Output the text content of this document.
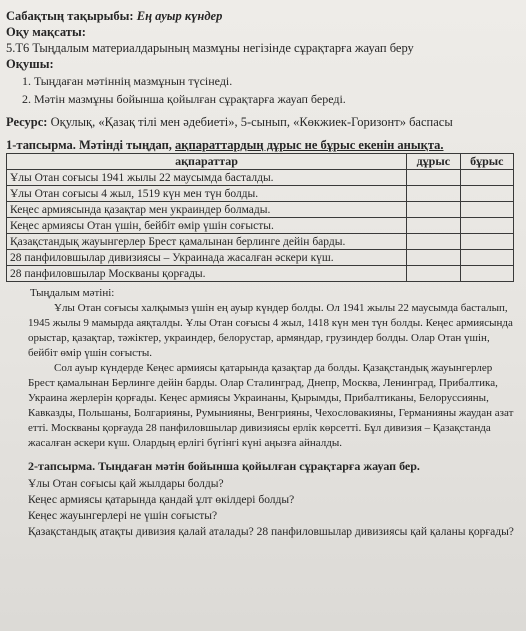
Сабақтың тақырыбы: Ең ауыр күндер
Оқу мақсаты:
5.Т6 Тыңдалым материалдарының мазмұны негізінде сұрақтарға жауап беру
Оқушы:
1. Тыңдаған мәтіннің мазмұнын түсінеді.
2. Мәтін мазмұны бойынша қойылған сұрақтарға жауап береді.
Ресурс: Оқулық, «Қазақ тілі мен әдебиеті», 5-сынып, «Көкжиек-Горизонт» баспасы
1-тапсырма. Мәтінді тыңдап, ақпараттардың дұрыс не бұрыс екенін анықта.
ақпараттар	дұрыс	бұрыс
Ұлы Отан соғысы 1941 жылы 22 маусымда басталды.		
Ұлы Отан соғысы 4 жыл, 1519 күн мен түн болды.		
Кеңес армиясында қазақтар мен украиндер болмады.		
Кеңес армиясы Отан үшін, бейбіт өмір үшін соғысты.		
Қазақстандық жауынгерлер Брест қамалынан берлинге дейін барды.		
28 панфиловшылар дивизиясы – Украинада жасалған әскери күш.		
28 панфиловшылар Москваны қорғады.		

Тыңдалым мәтіні:

Ұлы Отан соғысы халқымыз үшін ең ауыр күндер болды. Ол 1941 жылы 22 маусымда басталып, 1945 жылы 9 мамырда аяқталды. Ұлы Отан соғысы 4 жыл, 1418 күн мен түн болды. Кеңес армиясында орыстар, қазақтар, тәжіктер, украиндер, белорустар, армяндар, грузиндер болды. Олар Отан үшін, бейбіт өмір үшін соғысты.

Сол ауыр күндерде Кеңес армиясы қатарында қазақтар да болды. Қазақстандық жауынгерлер Брест қамалынан Берлинге дейін барды. Олар Сталинград, Днепр, Москва, Ленинград, Прибалтика, Украина жерлерін қорғады. Кеңес армиясы Украинаны, Қырымды, Прибалтиканы, Белоруссияны, Кавказды, Польшаны, Болгарияны, Румынияны, Венгрияны, Чехословакияны, Германияны жаудан азат етті. Москваны қорғауда 28 панфиловшылар дивизиясы ерлік көрсетті. Бұл дивизия – Қазақстанда жасалған әскери күш. Олардың ерлігі бүгінгі күні аңызға айналды.

2-тапсырма. Тыңдаған мәтін бойынша қойылған сұрақтарға жауап бер.
Ұлы Отан соғысы қай жылдары болды?
Кеңес армиясы қатарында қандай ұлт өкілдері болды?
Кеңес жауынгерлері не үшін соғысты?
Қазақстандық атақты дивизия қалай аталады? 28 панфиловшылар дивизиясы қай қаланы қорғады?
